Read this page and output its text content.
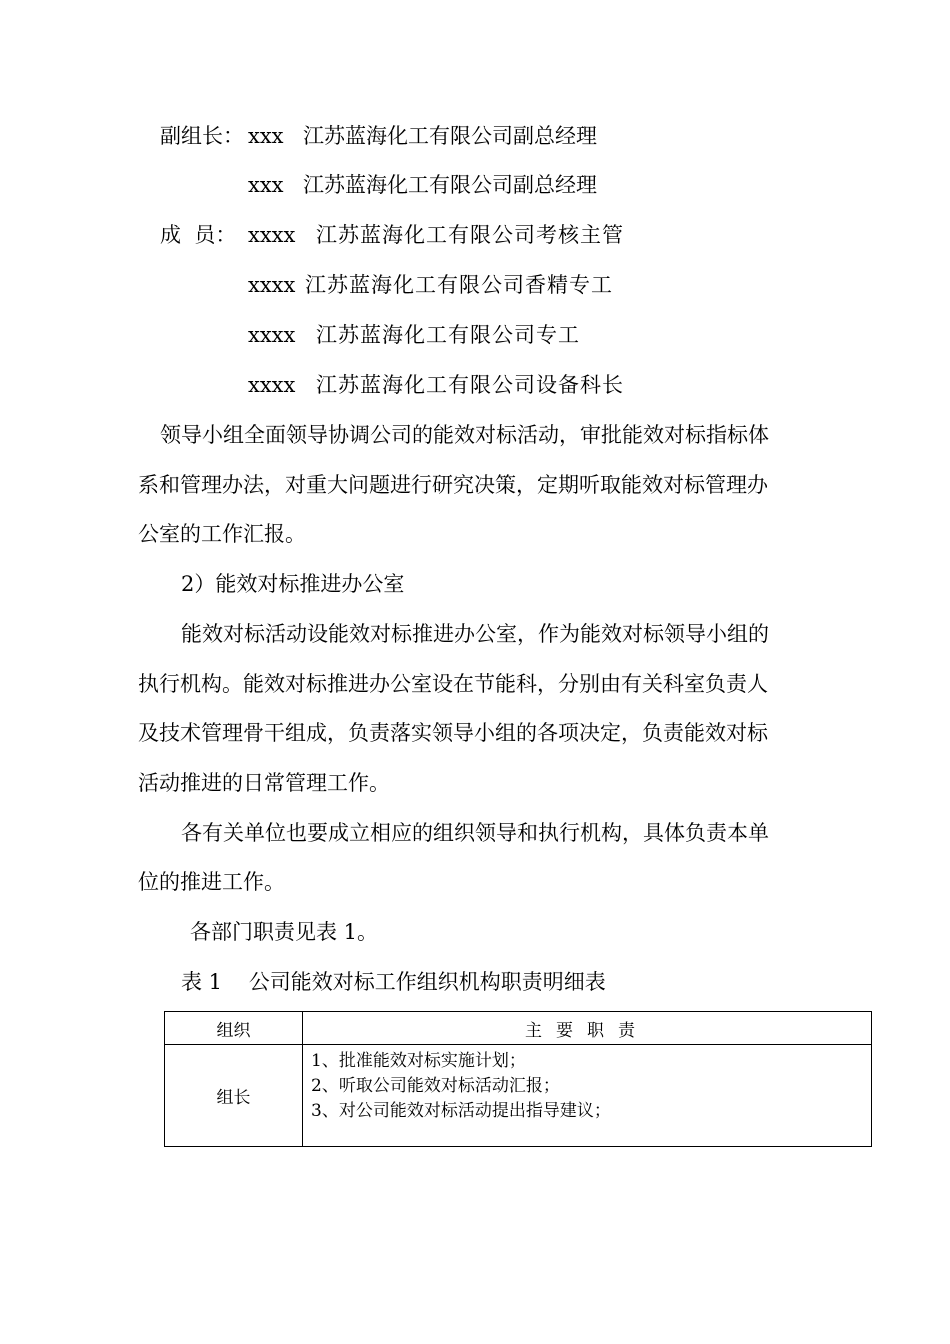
副组长： xxx 江苏蓝海化工有限公司副总经理
xxx 江苏蓝海化工有限公司副总经理
成  员： xxxx 江苏蓝海化工有限公司考核主管
xxxx 江苏蓝海化工有限公司香精专工
xxxx 江苏蓝海化工有限公司专工
xxxx 江苏蓝海化工有限公司设备科长
领导小组全面领导协调公司的能效对标活动，审批能效对标指标体
系和管理办法，对重大问题进行研究决策，定期听取能效对标管理办
公室的工作汇报。
2）能效对标推进办公室
能效对标活动设能效对标推进办公室，作为能效对标领导小组的
执行机构。能效对标推进办公室设在节能科，分别由有关科室负责人
及技术管理骨干组成，负责落实领导小组的各项决定，负责能效对标
活动推进的日常管理工作。
各有关单位也要成立相应的组织领导和执行机构，具体负责本单
位的推进工作。
各部门职责见表 1。
表 1    公司能效对标工作组织机构职责明细表
组织	主要职责
组长	1、批准能效对标实施计划；
2、听取公司能效对标活动汇报；
3、对公司能效对标活动提出指导建议；
